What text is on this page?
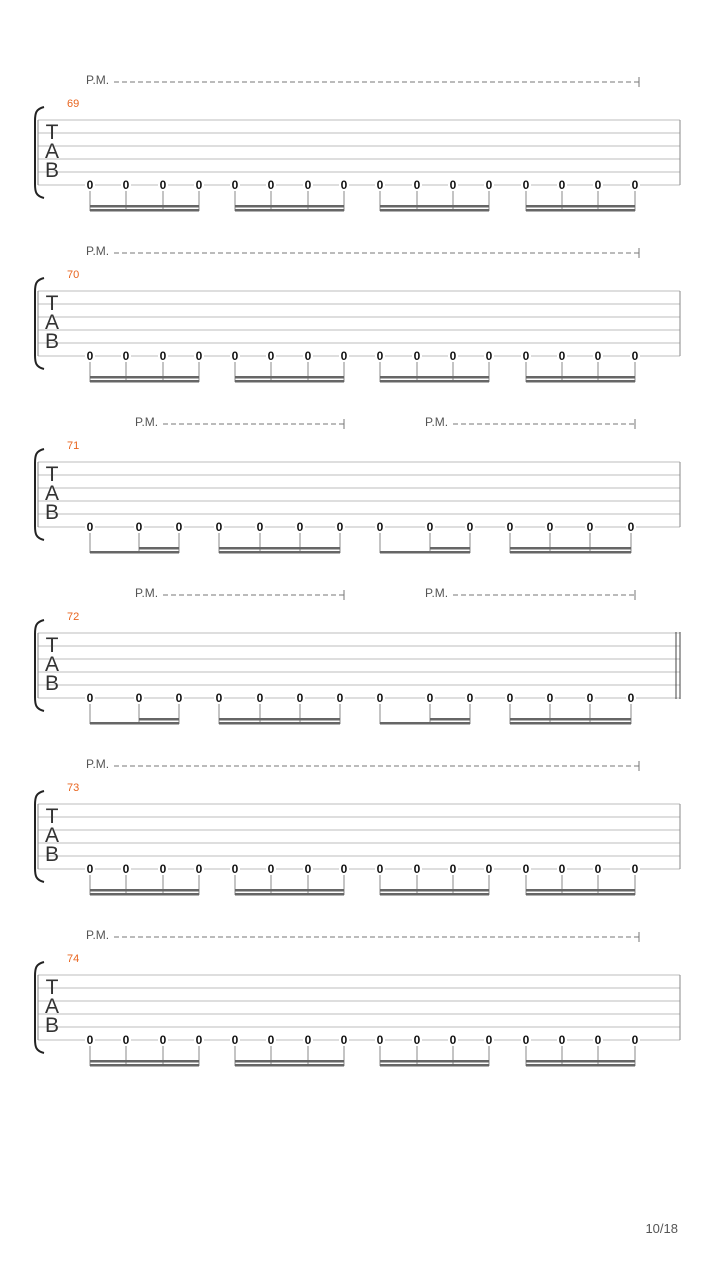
P.M.
69
T
A
B
0 0	0 0 0 0	0 0 0	0 0 0	0 0 0	0
P.M.
70
T
A
B
0 0	0 0 0 0	0 0 0	0 0 0	0 0 0	0
P.M.	P.M.
71
T
A
B
0	0	0	0	0	0	0	0	0	0	0	0	0	0
P.M.	P.M.
72
T
A
B
0	0	0	0	0	0	0	0	0	0	0	0	0	0
P.M.
73
T
A
B
0 0	0 0 0 0	0 0 0	0 0 0	0 0 0	0
P.M.
74
T
A
B
0 0	0 0 0 0	0 0 0	0 0 0	0 0 0	0
10/18
